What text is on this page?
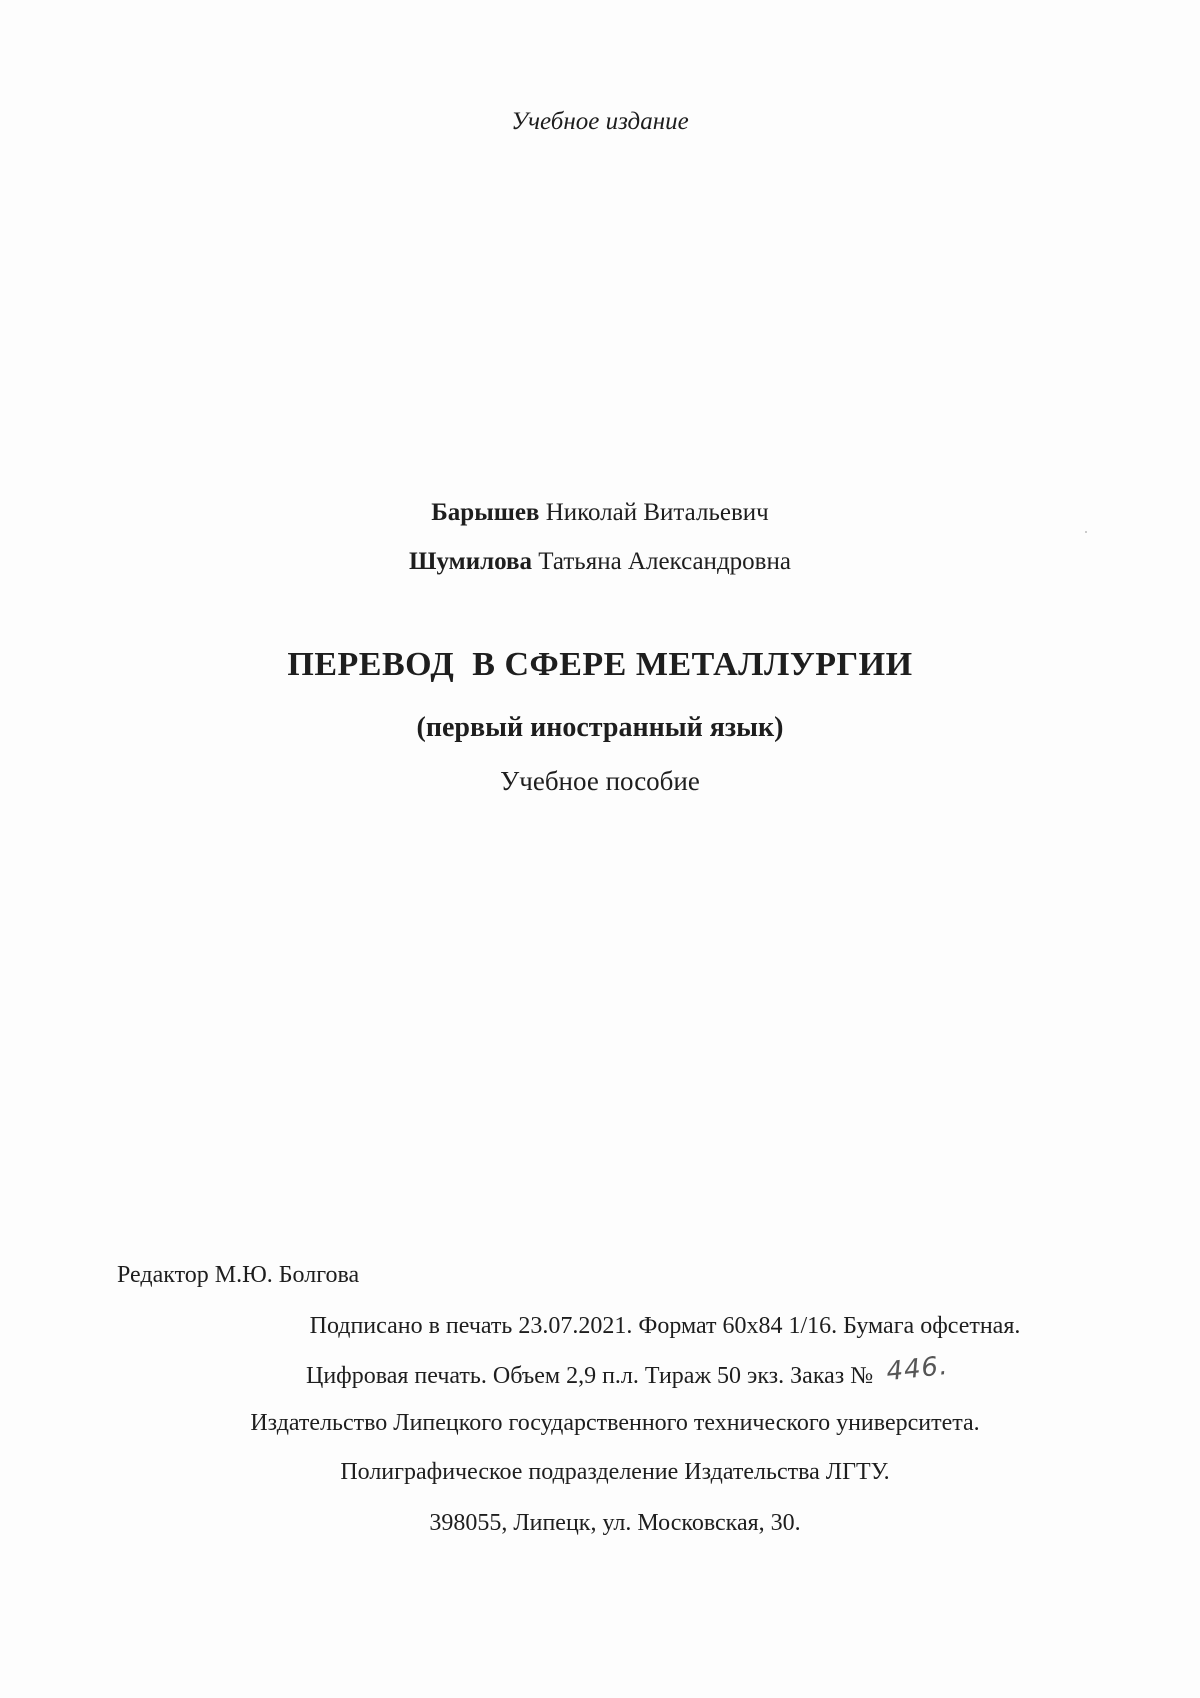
Учебное издание
Барышев Николай Витальевич
Шумилова Татьяна Александровна
ПЕРЕВОД  В СФЕРЕ МЕТАЛЛУРГИИ
(первый иностранный язык)
Учебное пособие
Редактор М.Ю. Болгова
Подписано в печать 23.07.2021. Формат 60х84 1/16. Бумага офсетная.
Цифровая печать. Объем 2,9 п.л. Тираж 50 экз. Заказ № 446.
Издательство Липецкого государственного технического университета.
Полиграфическое подразделение Издательства ЛГТУ.
398055, Липецк, ул. Московская, 30.
